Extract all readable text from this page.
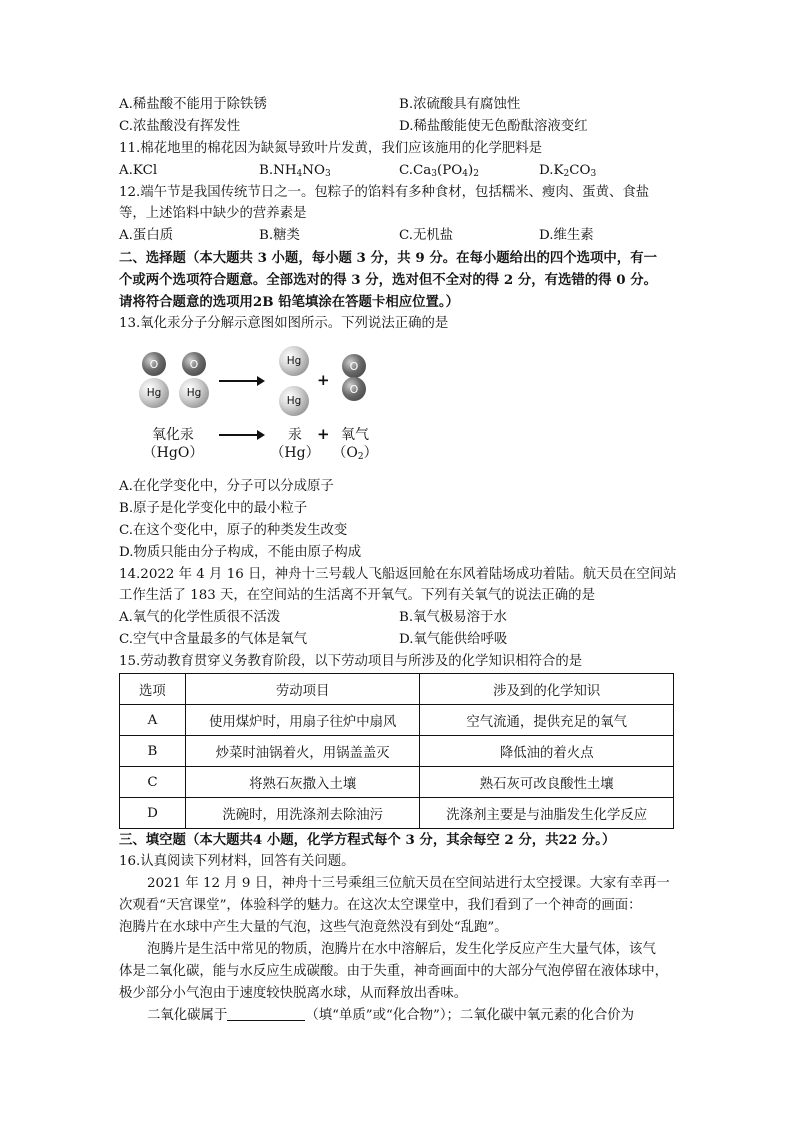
A.稀盐酸不能用于除铁锈	B.浓硫酸具有腐蚀性
C.浓盐酸没有挥发性	D.稀盐酸能使无色酚酞溶液变红
11.棉花地里的棉花因为缺氮导致叶片发黄，我们应该施用的化学肥料是
A.KCl	$B.NH_4NO_3$	$C.Ca_3(PO_4)_2$	$D.K_2CO_3$
12.端午节是我国传统节日之一。包粽子的馅料有多种食材，包括糯米、瘦肉、蛋黄、食盐
等，上述馅料中缺少的营养素是
A.蛋白质	B.糖类	C.无机盐	D.维生素
二、选择题（本大题共 3 小题，每小题 3 分，共 9 分。在每小题给出的四个选项中，有一
个或两个选项符合题意。全部选对的得 3 分，选对但不全对的得 2 分，有选错的得 0 分。
请将符合题意的选项用2B 铅笔填涂在答题卡相应位置。）
13.氧化汞分子分解示意图如图所示。下列说法正确的是
O
Hg
O
Hg
Hg
Hg
+
O
O
氧化汞
（HgO）
汞
（Hg）
+ 氧气
$(O_2)$
A.在化学变化中，分子可以分成原子
B.原子是化学变化中的最小粒子
C.在这个变化中，原子的种类发生改变
D.物质只能由分子构成，不能由原子构成
14.2022 年 4 月 16 日，神舟十三号载人飞船返回舱在东风着陆场成功着陆。航天员在空间站
工作生活了 183 天，在空间站的生活离不开氧气。下列有关氧气的说法正确的是
A.氧气的化学性质很不活泼	B.氧气极易溶于水
C.空气中含量最多的气体是氧气	D.氧气能供给呼吸
15.劳动教育贯穿义务教育阶段，以下劳动项目与所涉及的化学知识相符合的是
选项	劳动项目	涉及到的化学知识
A	使用煤炉时，用扇子往炉中扇风	空气流通，提供充足的氧气
B	炒菜时油锅着火，用锅盖盖灭	降低油的着火点
C	将熟石灰撒入土壤	熟石灰可改良酸性土壤
D	洗碗时，用洗涤剂去除油污	洗涤剂主要是与油脂发生化学反应
三、填空题（本大题共4 小题，化学方程式每个 3 分，其余每空 2 分，共22 分。）
16.认真阅读下列材料，回答有关问题。
2021 年 12 月 9 日，神舟十三号乘组三位航天员在空间站进行太空授课。大家有幸再一
次观看“天宫课堂”，体验科学的魅力。在这次太空课堂中，我们看到了一个神奇的画面：
泡腾片在水球中产生大量的气泡，这些气泡竟然没有到处“乱跑”。
泡腾片是生活中常见的物质，泡腾片在水中溶解后，发生化学反应产生大量气体，该气
体是二氧化碳，能与水反应生成碳酸。由于失重，神奇画面中的大部分气泡停留在液体球中，
极少部分小气泡由于速度较快脱离水球，从而释放出香味。
二氧化碳属于	（填“单质”或“化合物”）；二氧化碳中氧元素的化合价为
